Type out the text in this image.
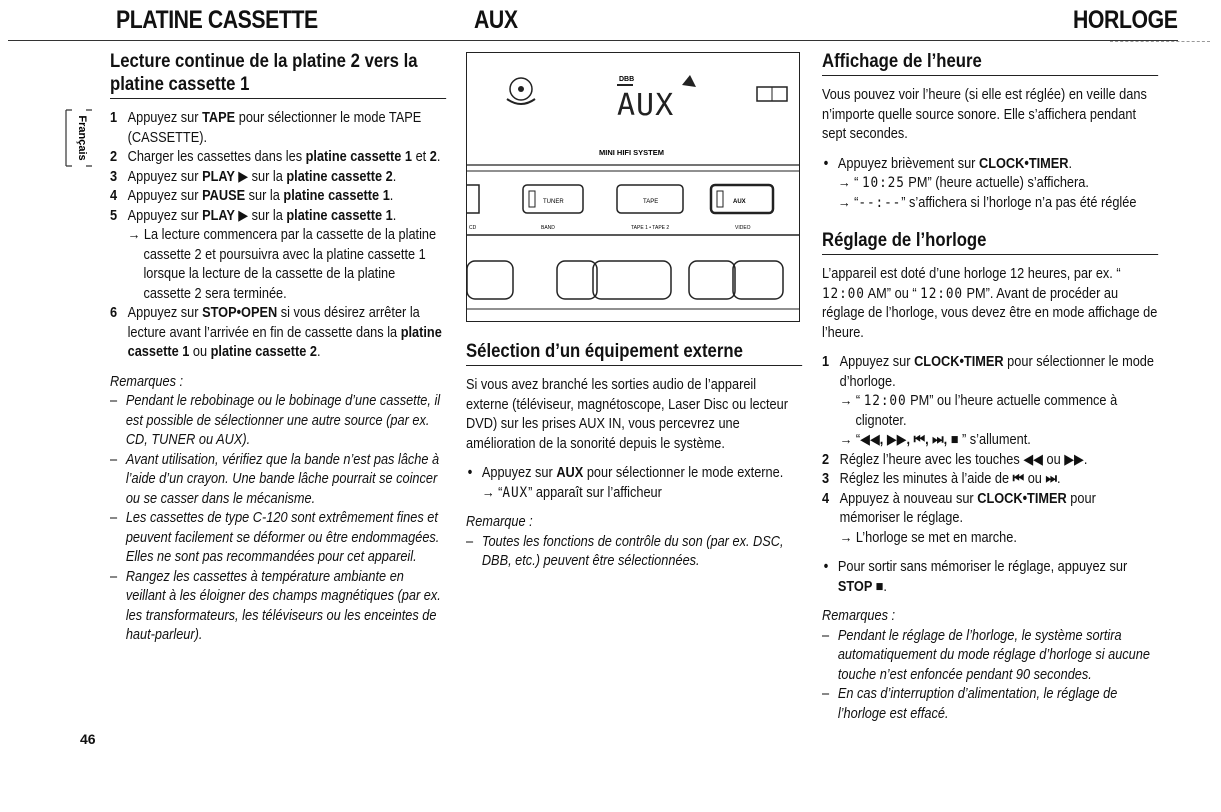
PLATINE CASSETTE	AUX	HORLOGE
Français
Lecture continue de la platine 2 vers la platine cassette 1
1 Appuyez sur TAPE pour sélectionner le mode TAPE (CASSETTE).
2 Charger les cassettes dans les platine cassette 1 et 2.
3 Appuyez sur PLAY ▶ sur la platine cassette 2.
4 Appuyez sur PAUSE sur la platine cassette 1.
5 Appuyez sur PLAY ▶ sur la platine cassette 1.
→ La lecture commencera par la cassette de la platine cassette 2 et poursuivra avec la platine cassette 1 lorsque la lecture de la cassette de la platine cassette 2 sera terminée.
6 Appuyez sur STOP•OPEN si vous désirez arrêter la lecture avant l’arrivée en fin de cassette dans la platine cassette 1 ou platine cassette 2.
Remarques :
– Pendant le rebobinage ou le bobinage d’une cassette, il est possible de sélectionner une autre source (par ex. CD, TUNER ou AUX).
– Avant utilisation, vérifiez que la bande n’est pas lâche à l’aide d’un crayon. Une bande lâche pourrait se coincer ou se casser dans le mécanisme.
– Les cassettes de type C-120 sont extrêmement fines et peuvent facilement se déformer ou être endommagées. Elles ne sont pas recommandées pour cet appareil.
– Rangez les cassettes à température ambiante en veillant à les éloigner des champs magnétiques (par ex. les transformateurs, les téléviseurs ou les enceintes de haut-parleur).
DBB
AUX
MINI HIFI SYSTEM
TUNER	TAPE	AUX
CD	BAND	TAPE 1 • TAPE 2	VIDEO
Sélection d’un équipement externe
Si vous avez branché les sorties audio de l’appareil externe (téléviseur, magnétoscope, Laser Disc ou lecteur DVD) sur les prises AUX IN, vous percevrez une amélioration de la sonorité depuis le système.
• Appuyez sur AUX pour sélectionner le mode externe.
→ “AUX” apparaît sur l’afficheur
Remarque :
– Toutes les fonctions de contrôle du son (par ex. DSC, DBB, etc.) peuvent être sélectionnées.
Affichage de l’heure
Vous pouvez voir l’heure (si elle est réglée) en veille dans n’importe quelle source sonore. Elle s’affichera pendant sept secondes.
• Appuyez brièvement sur CLOCK•TIMER.
→ “ 10:25 PM” (heure actuelle) s’affichera.
→ “--:--” s’affichera si l’horloge n’a pas été réglée
Réglage de l’horloge
L’appareil est doté d’une horloge 12 heures, par ex. “ 12:00 AM” ou “ 12:00 PM”. Avant de procéder au réglage de l’horloge, vous devez être en mode affichage de l’heure.
1 Appuyez sur CLOCK•TIMER pour sélectionner le mode d’horloge.
→ “ 12:00 PM” ou l’heure actuelle commence à clignoter.
→ “◀◀, ▶▶, ⏮, ⏭, ■ ” s’allument.
2 Réglez l’heure avec les touches ◀◀ ou ▶▶.
3 Réglez les minutes à l’aide de ⏮ ou ⏭.
4 Appuyez à nouveau sur CLOCK•TIMER pour mémoriser le réglage.
→ L’horloge se met en marche.
• Pour sortir sans mémoriser le réglage, appuyez sur STOP ■.
Remarques :
– Pendant le réglage de l’horloge, le système sortira automatiquement du mode réglage d’horloge si aucune touche n’est enfoncée pendant 90 secondes.
– En cas d’interruption d’alimentation, le réglage de l’horloge est effacé.
46
